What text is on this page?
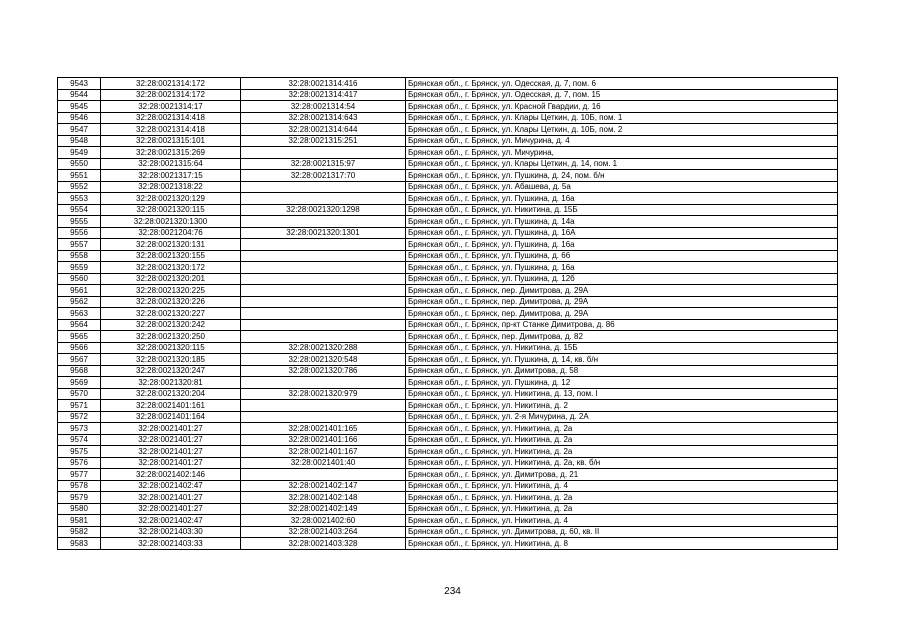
9543	32:28:0021314:172	32:28:0021314:416	Брянская обл., г. Брянск, ул. Одесская, д. 7, пом. 6
9544	32:28:0021314:172	32:28:0021314:417	Брянская обл., г. Брянск, ул. Одесская, д. 7, пом. 15
9545	32:28:0021314:17	32:28:0021314:54	Брянская обл., г. Брянск, ул. Красной Гвардии, д. 16
9546	32:28:0021314:418	32:28:0021314:643	Брянская обл., г. Брянск, ул. Клары Цеткин, д. 10Б, пом. 1
9547	32:28:0021314:418	32:28:0021314:644	Брянская обл., г. Брянск, ул. Клары Цеткин, д. 10Б, пом. 2
9548	32:28:0021315:101	32:28:0021315:251	Брянская обл., г. Брянск, ул. Мичурина, д. 4
9549	32:28:0021315:269		Брянская обл., г. Брянск, ул. Мичурина,
9550	32:28:0021315:64	32:28:0021315:97	Брянская обл., г. Брянск, ул. Клары Цеткин, д. 14, пом. 1
9551	32:28:0021317:15	32:28:0021317:70	Брянская обл., г. Брянск, ул. Пушкина, д. 24, пом. б/н
9552	32:28:0021318:22		Брянская обл., г. Брянск, ул. Абашева, д. 5а
9553	32:28:0021320:129		Брянская обл., г. Брянск, ул. Пушкина, д. 16а
9554	32:28:0021320:115	32:28:0021320:1298	Брянская обл., г. Брянск, ул. Никитина, д. 15Б
9555	32:28:0021320:1300		Брянская обл., г. Брянск, ул. Пушкина, д. 14а
9556	32:28:0021204:76	32:28:0021320:1301	Брянская обл., г. Брянск, ул. Пушкина, д. 16А
9557	32:28:0021320:131		Брянская обл., г. Брянск, ул. Пушкина, д. 16а
9558	32:28:0021320:155		Брянская обл., г. Брянск, ул. Пушкина, д. 66
9559	32:28:0021320:172		Брянская обл., г. Брянск, ул. Пушкина, д. 16а
9560	32:28:0021320:201		Брянская обл., г. Брянск, ул. Пушкина, д. 12б
9561	32:28:0021320:225		Брянская обл., г. Брянск, пер. Димитрова, д. 29А
9562	32:28:0021320:226		Брянская обл., г. Брянск, пер. Димитрова, д. 29А
9563	32:28:0021320:227		Брянская обл., г. Брянск, пер. Димитрова, д. 29А
9564	32:28:0021320:242		Брянская обл., г. Брянск, пр-кт Станке Димитрова, д. 86
9565	32:28:0021320:250		Брянская обл., г. Брянск, пер. Димитрова, д. 82
9566	32:28:0021320:115	32:28:0021320:288	Брянская обл., г. Брянск, ул. Никитина, д. 15Б
9567	32:28:0021320:185	32:28:0021320:548	Брянская обл., г. Брянск, ул. Пушкина, д. 14, кв. б/н
9568	32:28:0021320:247	32:28:0021320:786	Брянская обл., г. Брянск, ул. Димитрова, д. 58
9569	32:28:0021320:81		Брянская обл., г. Брянск, ул. Пушкина, д. 12
9570	32:28:0021320:204	32:28:0021320:979	Брянская обл., г. Брянск, ул. Никитина, д. 13, пом. I
9571	32:28:0021401:161		Брянская обл., г. Брянск, ул. Никитина, д. 2
9572	32:28:0021401:164		Брянская обл., г. Брянск, ул. 2-я Мичурина, д. 2А
9573	32:28:0021401:27	32:28:0021401:165	Брянская обл., г. Брянск, ул. Никитина, д. 2а
9574	32:28:0021401:27	32:28:0021401:166	Брянская обл., г. Брянск, ул. Никитина, д. 2а
9575	32:28:0021401:27	32:28:0021401:167	Брянская обл., г. Брянск, ул. Никитина, д. 2а
9576	32:28:0021401:27	32:28:0021401:40	Брянская обл., г. Брянск, ул. Никитина, д. 2а, кв. б/н
9577	32:28:0021402:146		Брянская обл., г. Брянск, ул. Димитрова, д. 21
9578	32:28:0021402:47	32:28:0021402:147	Брянская обл., г. Брянск, ул. Никитина, д. 4
9579	32:28:0021401:27	32:28:0021402:148	Брянская обл., г. Брянск, ул. Никитина, д. 2а
9580	32:28:0021401:27	32:28:0021402:149	Брянская обл., г. Брянск, ул. Никитина, д. 2а
9581	32:28:0021402:47	32:28:0021402:60	Брянская обл., г. Брянск, ул. Никитина, д. 4
9582	32:28:0021403:30	32:28:0021403:264	Брянская обл., г. Брянск, ул. Димитрова, д. 60, кв. II
9583	32:28:0021403:33	32:28:0021403:328	Брянская обл., г. Брянск, ул. Никитина, д. 8
234
